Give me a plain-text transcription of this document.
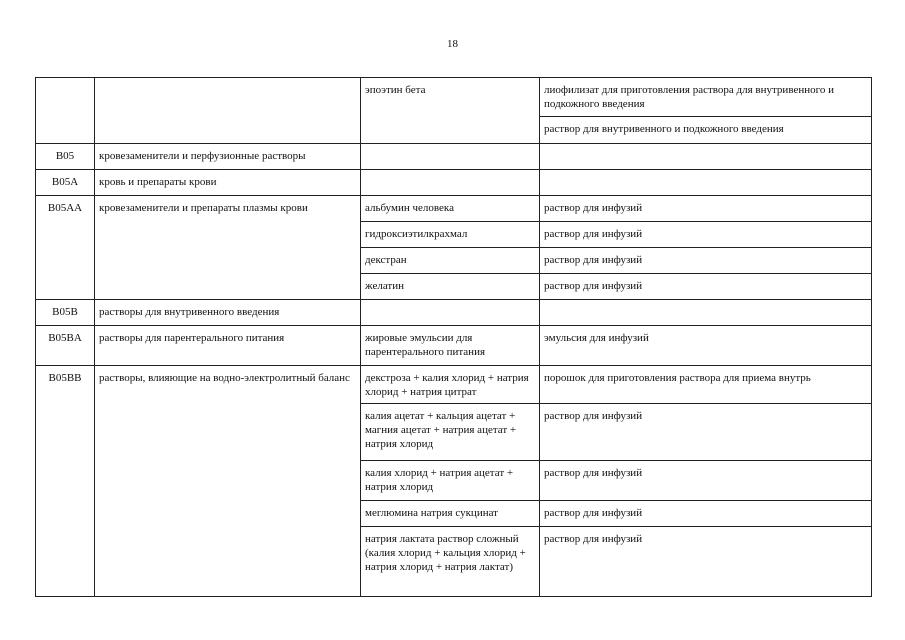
18
		эпоэтин бета	лиофилизат для приготовления раствора для внутривенного и подкожного введения
			раствор для внутривенного и подкожного введения
B05	кровезаменители и перфузионные растворы		
B05A	кровь и препараты крови		
B05AA	кровезаменители и препараты плазмы крови	альбумин человека	раствор для инфузий
		гидроксиэтилкрахмал	раствор для инфузий
		декстран	раствор для инфузий
		желатин	раствор для инфузий
B05B	растворы для внутривенного введения		
B05BA	растворы для парентерального питания	жировые эмульсии для парентерального питания	эмульсия для инфузий
B05BB	растворы, влияющие на водно-электролитный баланс	декстроза + калия хлорид + натрия хлорид + натрия цитрат	порошок для приготовления раствора для приема внутрь
		калия ацетат + кальция ацетат + магния ацетат + натрия ацетат + натрия хлорид	раствор для инфузий
		калия хлорид + натрия ацетат + натрия хлорид	раствор для инфузий
		меглюмина натрия сукцинат	раствор для инфузий
		натрия лактата раствор сложный (калия хлорид + кальция хлорид + натрия хлорид + натрия лактат)	раствор для инфузий
